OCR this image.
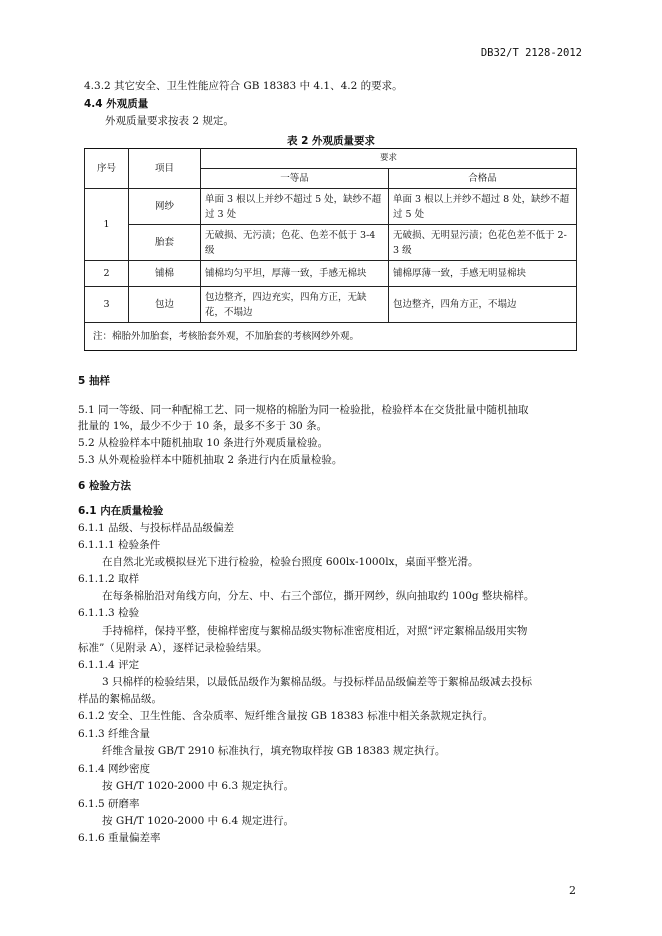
DB32/T 2128-2012
4.3.2 其它安全、卫生性能应符合 GB 18383 中 4.1、4.2 的要求。
4.4 外观质量
外观质量要求按表 2 规定。
表 2 外观质量要求
序号	项目	要求	
		一等品	合格品
1	网纱	单面 3 根以上并纱不超过 5 处，缺纱不超过 3 处	单面 3 根以上并纱不超过 8 处，缺纱不超过 5 处
	胎套	无破损、无污渍；色花、色差不低于 3-4 级	无破损、无明显污渍；色花色差不低于 2-3 级
2	铺棉	铺棉均匀平坦，厚薄一致，手感无棉块	铺棉厚薄一致，手感无明显棉块
3	包边	包边整齐，四边充实，四角方正，无缺花，不塌边	包边整齐，四角方正，不塌边
注：棉胎外加胎套，考核胎套外观，不加胎套的考核网纱外观。			
5 抽样
5.1 同一等级、同一种配棉工艺、同一规格的棉胎为同一检验批，检验样本在交货批量中随机抽取
批量的 1%，最少不少于 10 条，最多不多于 30 条。
5.2 从检验样本中随机抽取 10 条进行外观质量检验。
5.3 从外观检验样本中随机抽取 2 条进行内在质量检验。
6 检验方法
6.1 内在质量检验
6.1.1 品级、与投标样品品级偏差
6.1.1.1 检验条件
在自然北光或模拟昼光下进行检验，检验台照度 600lx-1000lx，桌面平整光滑。
6.1.1.2 取样
在每条棉胎沿对角线方向，分左、中、右三个部位，撕开网纱，纵向抽取约 100g 整块棉样。
6.1.1.3 检验
手持棉样，保持平整，使棉样密度与絮棉品级实物标准密度相近，对照“评定絮棉品级用实物
标准”（见附录 A），逐样记录检验结果。
6.1.1.4 评定
3 只棉样的检验结果，以最低品级作为絮棉品级。与投标样品品级偏差等于絮棉品级减去投标
样品的絮棉品级。
6.1.2 安全、卫生性能、含杂质率、短纤维含量按 GB 18383 标准中相关条款规定执行。
6.1.3 纤维含量
纤维含量按 GB/T 2910 标准执行，填充物取样按 GB 18383 规定执行。
6.1.4 网纱密度
按 GH/T 1020-2000 中 6.3 规定执行。
6.1.5 研磨率
按 GH/T 1020-2000 中 6.4 规定进行。
6.1.6 重量偏差率
2
